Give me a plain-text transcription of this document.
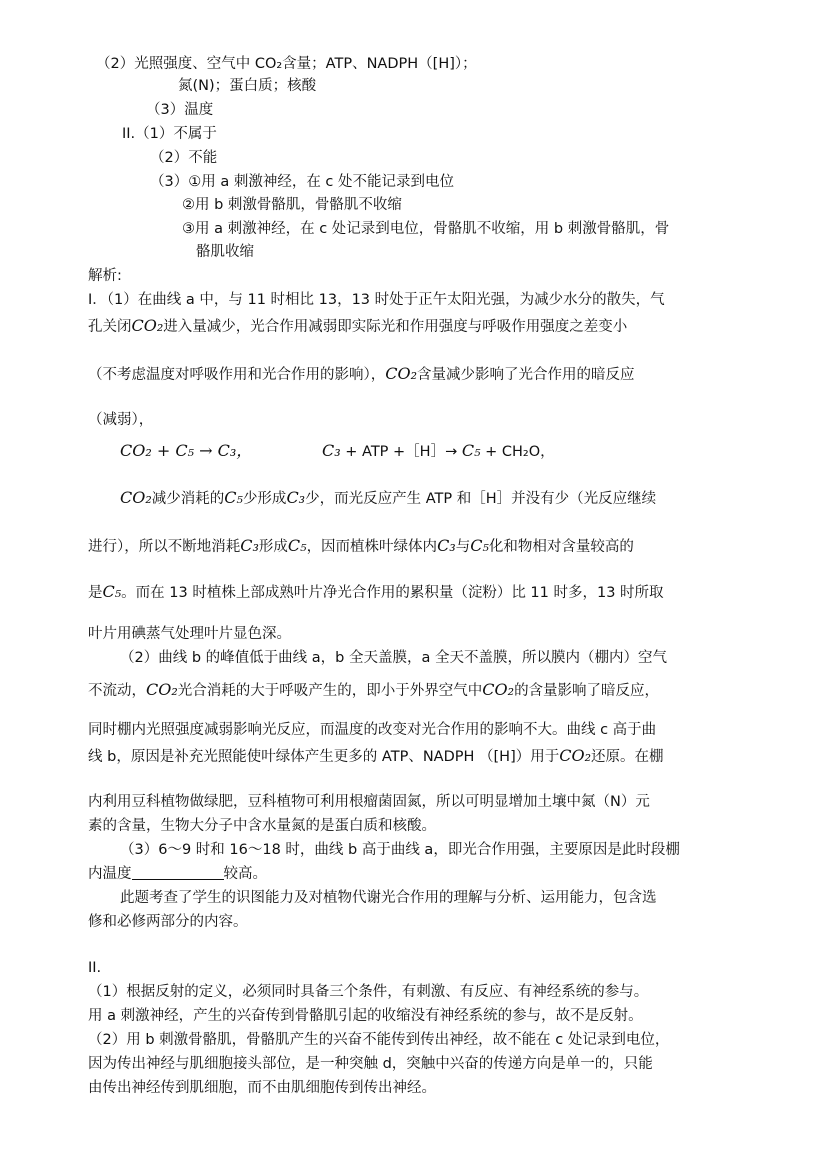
（2）光照强度、空气中 CO₂含量；ATP、NADPH（[H]）；
氮(N)；蛋白质；核酸
（3）温度
II.（1）不属于
（2）不能
（3）①用 a 刺激神经，在 c 处不能记录到电位
②用 b 刺激骨骼肌，骨骼肌不收缩
③用 a 刺激神经，在 c 处记录到电位，骨骼肌不收缩，用 b 刺激骨骼肌，骨
骼肌收缩
解析:
I．（1）在曲线 a 中，与 11 时相比 13，13 时处于正午太阳光强，为减少水分的散失，气
孔关闭CO₂进入量减少，光合作用减弱即实际光和作用强度与呼吸作用强度之差变小
（不考虑温度对呼吸作用和光合作用的影响），CO₂含量减少影响了光合作用的暗反应
（减弱），
CO₂ + C₅ → C₃，	C₃ + ATP +［H］→ C₅ + CH₂O，
CO₂减少消耗的C₅少形成C₃少，而光反应产生 ATP 和［H］并没有少（光反应继续
进行），所以不断地消耗C₃形成C₅，因而植株叶绿体内C₃与C₅化和物相对含量较高的
是C₅。而在 13 时植株上部成熟叶片净光合作用的累积量（淀粉）比 11 时多，13 时所取
叶片用碘蒸气处理叶片显色深。
（2）曲线 b 的峰值低于曲线 a，b 全天盖膜，a 全天不盖膜，所以膜内（棚内）空气
不流动，CO₂光合消耗的大于呼吸产生的，即小于外界空气中CO₂的含量影响了暗反应，
同时棚内光照强度减弱影响光反应，而温度的改变对光合作用的影响不大。曲线 c 高于曲
线 b，原因是补充光照能使叶绿体产生更多的 ATP、NADPH （[H]）用于CO₂还原。在棚
内利用豆科植物做绿肥，豆科植物可利用根瘤菌固氮，所以可明显增加土壤中氮（N）元
素的含量，生物大分子中含水量氮的是蛋白质和核酸。
（3）6～9 时和 16～18 时，曲线 b 高于曲线 a，即光合作用强，主要原因是此时段棚
内温度	较高。
此题考查了学生的识图能力及对植物代谢光合作用的理解与分析、运用能力，包含选
修和必修两部分的内容。
II.
（1）根据反射的定义，必须同时具备三个条件，有刺激、有反应、有神经系统的参与。
用 a 刺激神经，产生的兴奋传到骨骼肌引起的收缩没有神经系统的参与，故不是反射。
（2）用 b 刺激骨骼肌，骨骼肌产生的兴奋不能传到传出神经，故不能在 c 处记录到电位，
因为传出神经与肌细胞接头部位，是一种突触 d，突触中兴奋的传递方向是单一的，只能
由传出神经传到肌细胞，而不由肌细胞传到传出神经。
